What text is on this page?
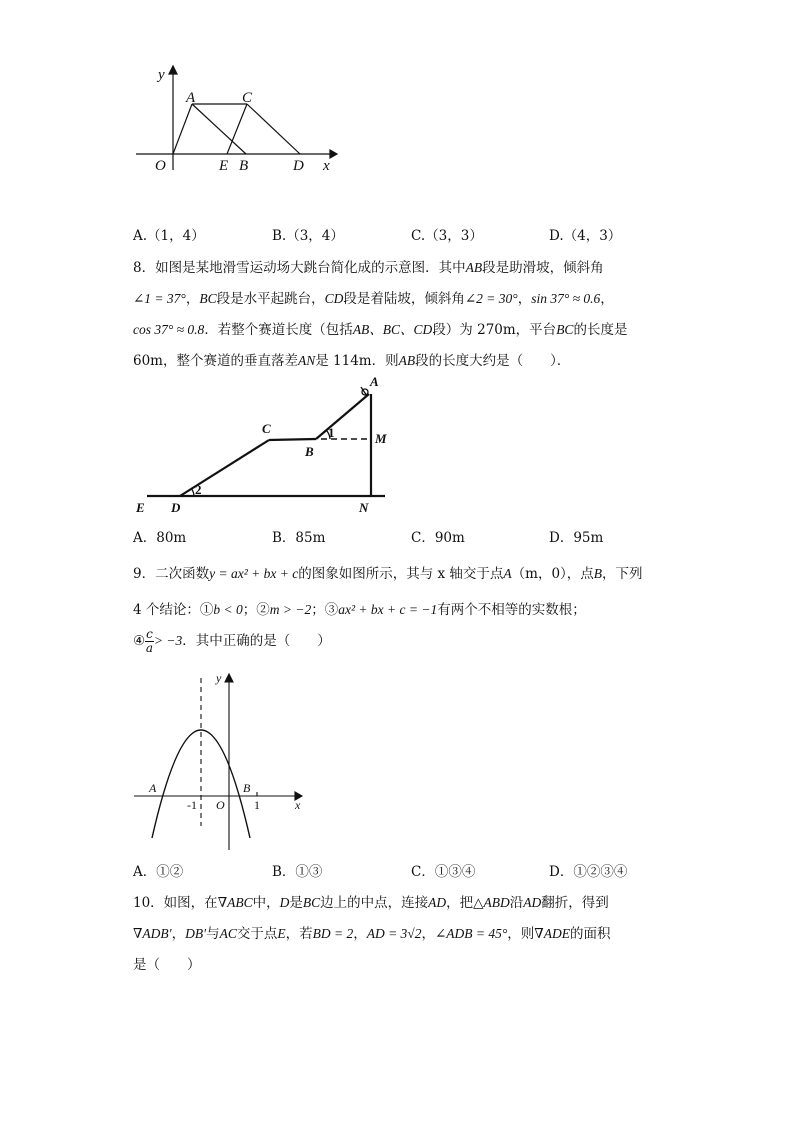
y
A	C
O	E B	D x
A.（1，4）	B.（3，4）	C.（3，3）	D.（4，3）
8．如图是某地滑雪运动场大跳台简化成的示意图．其中AB段是助滑坡，倾斜角
∠1 = 37°，BC段是水平起跳台，CD段是着陆坡，倾斜角∠2 = 30°，sin 37° ≈ 0.6，
cos 37° ≈ 0.8．若整个赛道长度（包括AB、BC、CD段）为 270m，平台BC的长度是
60m，整个赛道的垂直落差AN是 114m．则AB段的长度大约是（　　）．
A
C
M
B
E D	N
1
2
A．80m	B．85m	C．90m	D．95m
9．二次函数y = ax² + bx + c的图象如图所示，其与 x 轴交于点A（m，0），点B，下列
4 个结论：①b < 0；②m > −2；③ax² + bx + c = −1有两个不相等的实数根；
④ $\frac{c}{a} > -3$．其中正确的是（　　）
y
A	B
-1 O 1	x
A．①②	B．①③	C．①③④	D．①②③④
10．如图，在∇ABC中，D是BC边上的中点，连接AD，把△ABD沿AD翻折，得到
∇ADB′，DB′与AC交于点E，若BD = 2，AD = 3√2，∠ADB = 45°，则∇ADE的面积
是（　　）
